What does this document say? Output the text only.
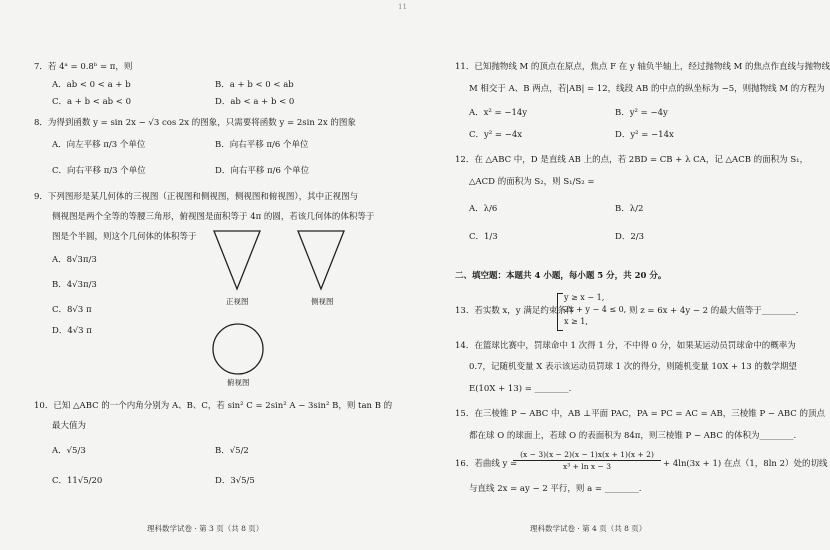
11
7．若 4ᵃ = 0.8ᵇ = π，则
A．ab < 0 < a + b	B．a + b < 0 < ab
C．a + b < ab < 0	D．ab < a + b < 0
8．为得到函数 y = sin 2x − √3 cos 2x 的图象，只需要将函数 y = 2sin 2x 的图象
A．向左平移 π/3 个单位	B．向右平移 π/6 个单位
C．向右平移 π/3 个单位	D．向右平移 π/6 个单位
9．下列图形是某几何体的三视图（正视图和侧视图，侧视图和俯视图），其中正视图与
侧视图是两个全等的等腰三角形，俯视图是面积等于 4π 的圆，若该几何体的体积等于
图是个半圆，则这个几何体的体积等于
A．8√3π/3
B．4√3π/3
C．8√3 π
D．4√3 π
正视图	侧视图
俯视图
10．已知 △ABC 的一个内角分别为 A、B、C，若 sin² C = 2sin² A − 3sin² B，则 tan B 的
最大值为
A．√5/3	B．√5/2
C．11√5/20	D．3√5/5
理科数学试卷 · 第 3 页（共 8 页）
11．已知抛物线 M 的顶点在原点，焦点 F 在 y 轴负半轴上，经过抛物线 M 的焦点作直线与抛物线
M 相交于 A、B 两点，若|AB| = 12，线段 AB 的中点的纵坐标为 −5，则抛物线 M 的方程为
A．x² = −14y	B．y² = −4y
C．y² = −4x	D．y² = −14x
12．在 △ABC 中，D 是直线 AB 上的点，若 2BD = CB + λ CA，记 △ACB 的面积为 S₁，
△ACD 的面积为 S₂，则 S₁/S₂ =
A．λ/6	B．λ/2
C．1/3	D．2/3
二、填空题：本题共 4 小题，每小题 5 分，共 20 分。
13．若实数 x，y 满足约束条件
y ≥ x − 1,
2x + y − 4 ≤ 0,
x ≥ 1,
则 z = 6x + 4y − 2 的最大值等于________.
14．在篮球比赛中，罚球命中 1 次得 1 分，不中得 0 分，如果某运动员罚球命中的概率为
0.7，记随机变量 X 表示该运动员罚球 1 次的得分，则随机变量 10X + 13 的数学期望
E(10X + 13) = ________.
15．在三棱锥 P − ABC 中，AB ⊥平面 PAC，PA = PC = AC = AB，三棱锥 P − ABC 的顶点
都在球 O 的球面上，若球 O 的表面积为 84π，则三棱锥 P − ABC 的体积为________.
16．若曲线 y =
$\frac{(x - 3)(x - 2)(x - 1)x(x + 1)(x + 2)}{\text{x³ + ln x − 3}} + 4\ln(3x + 1)$ 在点（1，8ln 2）处的切线
与直线 2x = ay − 2 平行，则 a = ________.
理科数学试卷 · 第 4 页（共 8 页）
